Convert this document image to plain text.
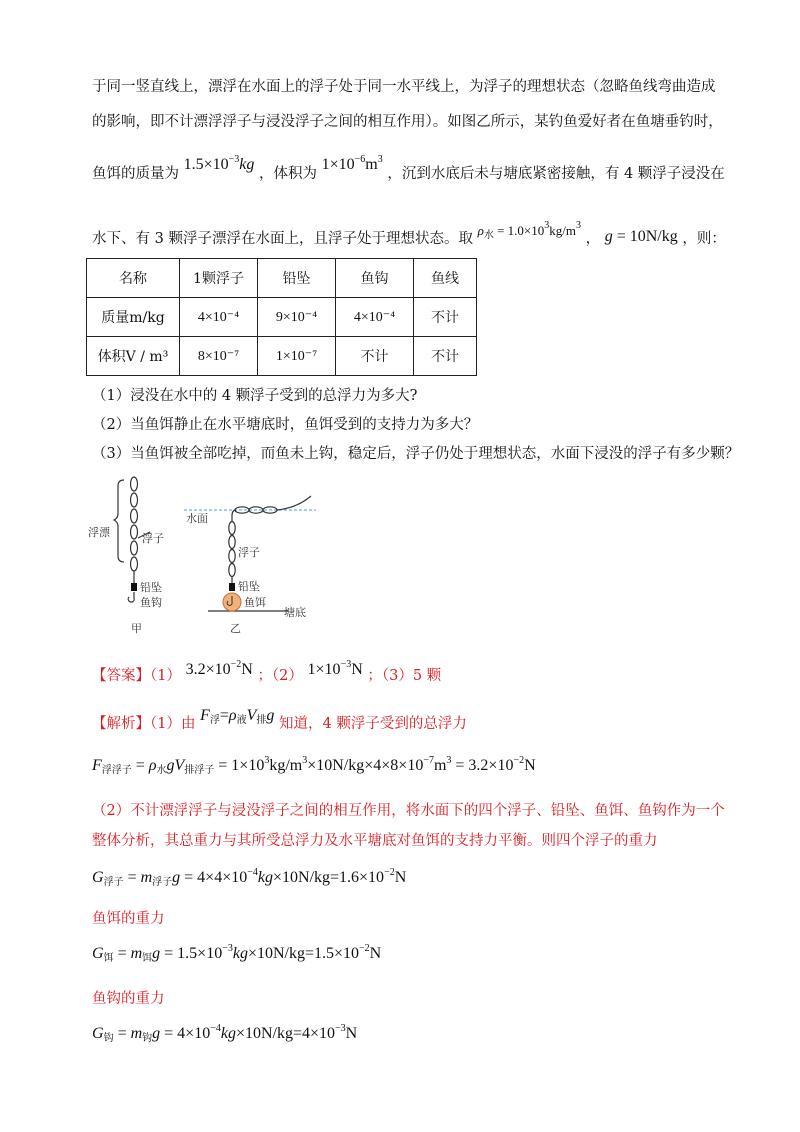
于同一竖直线上，漂浮在水面上的浮子处于同一水平线上，为浮子的理想状态（忽略鱼线弯曲造成
的影响，即不计漂浮浮子与浸没浮子之间的相互作用）。如图乙所示，某钓鱼爱好者在鱼塘垂钓时，
鱼饵的质量为 $1.5\times 10^{-3}kg$ ，体积为 $1\times 10^{-6}m^3$ ，沉到水底后未与塘底紧密接触，有 4 颗浮子浸没在
水下、有 3 颗浮子漂浮在水面上，且浮子处于理想状态。取 $\rho_水 = 1.0\times 10^3kg/m^3$ ， g = 10N/kg ，则：
名称	1颗浮子	铅坠	鱼钩	鱼线
质量m/kg	4×10⁻⁴	9×10⁻⁴	4×10⁻⁴	不计
体积V / m³	8×10⁻⁷	1×10⁻⁷	不计	不计
（1）浸没在水中的 4 颗浮子受到的总浮力为多大?
（2）当鱼饵静止在水平塘底时，鱼饵受到的支持力为多大？
（3）当鱼饵被全部吃掉，而鱼未上钩，稳定后，浮子仍处于理想状态，水面下浸没的浮子有多少颗？
浮漂	浮子
铅坠
鱼钩
甲
水面
浮子
铅坠
鱼饵
塘底
乙
【答案】（1） $3.2\times 10^{-2}N$ ；（2） $1\times 10^{-3}N$ ；（3）5 颗
【解析】（1）由 $F_浮=\rho_液V_排g$ 知道，4 颗浮子受到的总浮力
$F_{浮浮子} = \rho_水gV_{排浮子} = 1\times 10^3kg/m^3\times 10N/kg\times 4\times 8\times 10^{-7}m^3 = 3.2\times 10^{-2}N$
（2）不计漂浮浮子与浸没浮子之间的相互作用，将水面下的四个浮子、铅坠、鱼饵、鱼钩作为一个
整体分析，其总重力与其所受总浮力及水平塘底对鱼饵的支持力平衡。则四个浮子的重力
$G_{浮子} = m_{浮子}g = 4\times 4\times 10^{-4}kg\times 10N/kg=1.6\times 10^{-2}N$
鱼饵的重力
$G_饵 = m_饵g = 1.5\times 10^{-3}kg\times 10N/kg=1.5\times 10^{-2}N$
鱼钩的重力
$G_钩 = m_钩g = 4\times 10^{-4}kg\times 10N/kg=4\times 10^{-3}N$
